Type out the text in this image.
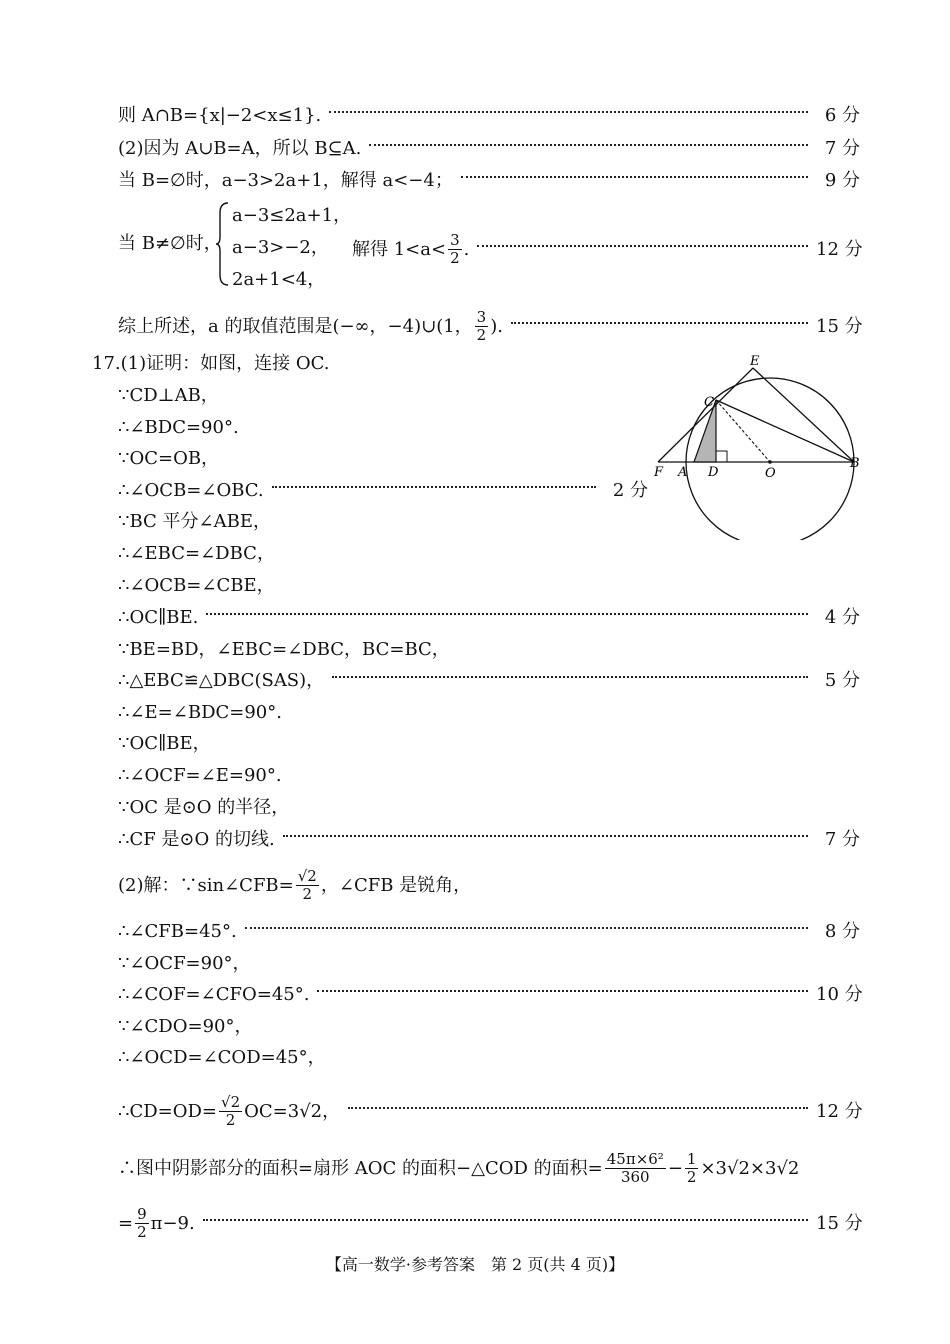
则 A∩B={x|−2<x≤1}.	6 分
(2)因为 A∪B=A，所以 B⊆A.	7 分
当 B=∅时，a−3>2a+1，解得 a<−4；	9 分
当 B≠∅时，
a−3≤2a+1，
a−3>−2，
2a+1<4，
解得 $1<a< \frac{3}{2}$ .	12 分
综上所述，a 的取值范围是(−∞，−4)∪(1， $\frac{3}{2}$ ).	15 分
17.(1)证明：如图，连接 OC.
∵CD⊥AB，
∴∠BDC=90°.
∵OC=OB，
∴∠OCB=∠OBC.	2 分
∵BC 平分∠ABE，
∴∠EBC=∠DBC，
∴∠OCB=∠CBE，
∴OC∥BE.	4 分
∵BE=BD，∠EBC=∠DBC，BC=BC，
∴△EBC≌△DBC(SAS)，	5 分
∴∠E=∠BDC=90°.
∵OC∥BE，
∴∠OCF=∠E=90°.
∵OC 是⊙O 的半径，
∴CF 是⊙O 的切线.	7 分
(2)解：∵sin∠CFB= $\frac{√2}{2}$ ，∠CFB 是锐角，
∴∠CFB=45°.	8 分
∵∠OCF=90°，
∴∠COF=∠CFO=45°.	10 分
∵∠CDO=90°，
∴∠OCD=∠COD=45°，
∴CD=OD= $\frac{√2}{2} OC=3√2$，	12 分
∴图中阴影部分的面积=扇形 AOC 的面积−△COD 的面积= $\frac{\text{45π×6²}}{360} - \frac{1}{2} \times 3√2\times 3√2$
= $\frac{9}{2} \pi-9$.	15 分
E
C
F A D	O
B
【高一数学·参考答案　第 2 页(共 4 页)】
